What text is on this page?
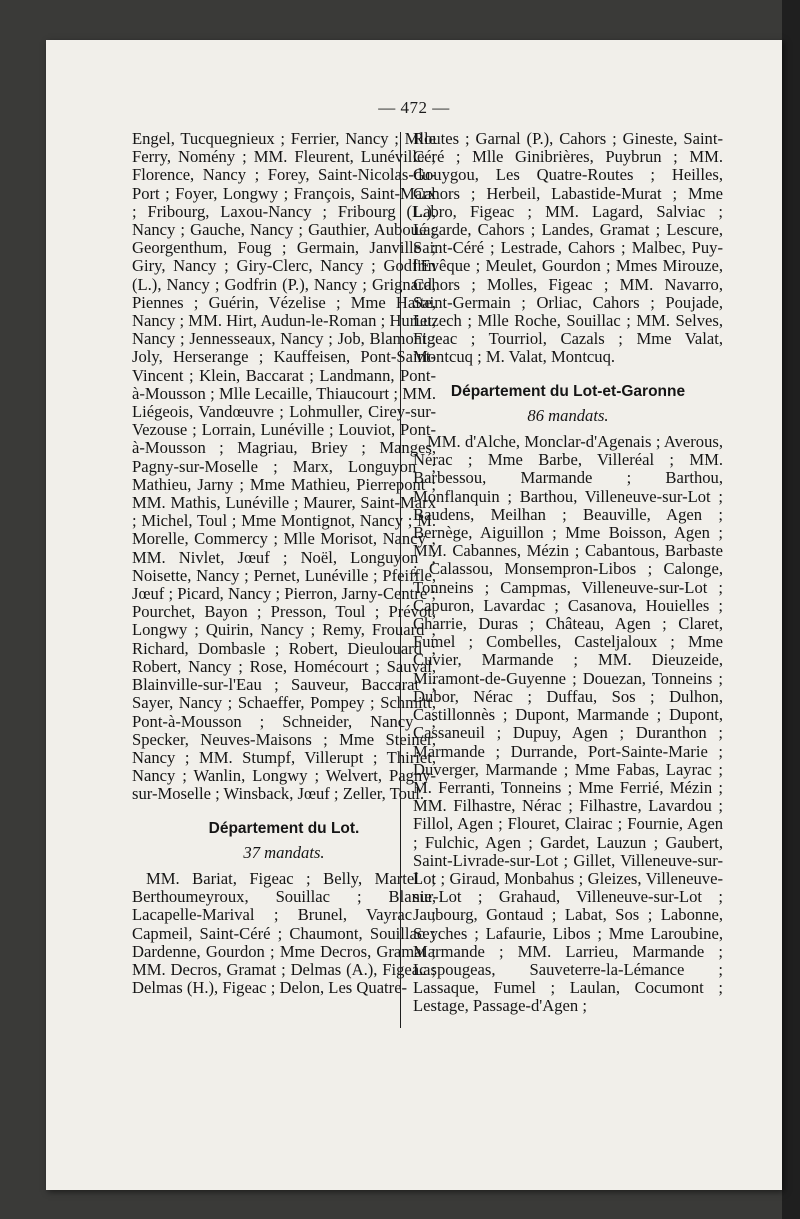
— 472 —

Engel, Tucquegnieux ; Ferrier, Nancy ; Mlle Ferry, Nomény ; MM. Fleurent, Lunéville ; Florence, Nancy ; Forey, Saint-Nicolas-du-Port ; Foyer, Longwy ; François, Saint-Marx ; Fribourg, Laxou-Nancy ; Fribourg (L.), Nancy ; Gauche, Nancy ; Gauthier, Auboué ; Georgenthum, Foug ; Germain, Janville ; Giry, Nancy ; Giry-Clerc, Nancy ; Godfrin (L.), Nancy ; Godfrin (P.), Nancy ; Grignard, Piennes ; Guérin, Vézelise ; Mme Haite, Nancy ; MM. Hirt, Audun-le-Roman ; Huriet, Nancy ; Jennesseaux, Nancy ; Job, Blamont ; Joly, Herserange ; Kauffeisen, Pont-Saint-Vincent ; Klein, Baccarat ; Landmann, Pont-à-Mousson ; Mlle Lecaille, Thiaucourt ; MM. Liégeois, Vandœuvre ; Lohmuller, Cirey-sur-Vezouse ; Lorrain, Lunéville ; Louviot, Pont-à-Mousson ; Magriau, Briey ; Manges, Pagny-sur-Moselle ; Marx, Longuyon ; Mathieu, Jarny ; Mme Mathieu, Pierrepont ; MM. Mathis, Lunéville ; Maurer, Saint-Marx ; Michel, Toul ; Mme Montignot, Nancy ; M. Morelle, Commercy ; Mlle Morisot, Nancy ; MM. Nivlet, Jœuf ; Noël, Longuyon ; Noisette, Nancy ; Pernet, Lunéville ; Pfeiffle, Jœuf ; Picard, Nancy ; Pierron, Jarny-Centre ; Pourchet, Bayon ; Presson, Toul ; Prévot, Longwy ; Quirin, Nancy ; Remy, Frouard ; Richard, Dombasle ; Robert, Dieulouard ; Robert, Nancy ; Rose, Homécourt ; Sauval, Blainville-sur-l'Eau ; Sauveur, Baccarat ; Sayer, Nancy ; Schaeffer, Pompey ; Schmitt, Pont-à-Mousson ; Schneider, Nancy ; Specker, Neuves-Maisons ; Mme Steiner, Nancy ; MM. Stumpf, Villerupt ; Thiriet, Nancy ; Wanlin, Longwy ; Welvert, Pagny-sur-Moselle ; Winsback, Jœuf ; Zeller, Toul.

Département du Lot.
37 mandats.

MM. Bariat, Figeac ; Belly, Martel ; Berthoumeyroux, Souillac ; Blanie, Lacapelle-Marival ; Brunel, Vayrac ; Capmeil, Saint-Céré ; Chaumont, Souillac ; Dardenne, Gourdon ; Mme Decros, Gramat ; MM. Decros, Gramat ; Delmas (A.), Figeac ; Delmas (H.), Figeac ; Delon, Les Quatre-

Routes ; Garnal (P.), Cahors ; Gineste, Saint-Céré ; Mlle Ginibrières, Puybrun ; MM. Gouygou, Les Quatre-Routes ; Heilles, Cahors ; Herbeil, Labastide-Murat ; Mme Labro, Figeac ; MM. Lagard, Salviac ; Lagarde, Cahors ; Landes, Gramat ; Lescure, Saint-Céré ; Lestrade, Cahors ; Malbec, Puy-l'Evêque ; Meulet, Gourdon ; Mmes Mirouze, Cahors ; Molles, Figeac ; MM. Navarro, Saint-Germain ; Orliac, Cahors ; Poujade, Luzech ; Mlle Roche, Souillac ; MM. Selves, Figeac ; Tourriol, Cazals ; Mme Valat, Montcuq ; M. Valat, Montcuq.

Département du Lot-et-Garonne
86 mandats.

MM. d'Alche, Monclar-d'Agenais ; Averous, Nérac ; Mme Barbe, Villeréal ; MM. Barbessou, Marmande ; Barthou, Monflanquin ; Barthou, Villeneuve-sur-Lot ; Baudens, Meilhan ; Beauville, Agen ; Bernège, Aiguillon ; Mme Boisson, Agen ; MM. Cabannes, Mézin ; Cabantous, Barbaste ; Calassou, Monsempron-Libos ; Calonge, Tonneins ; Campmas, Villeneuve-sur-Lot ; Capuron, Lavardac ; Casanova, Houielles ; Charrie, Duras ; Château, Agen ; Claret, Fumel ; Combelles, Casteljaloux ; Mme Cuvier, Marmande ; MM. Dieuzeide, Miramont-de-Guyenne ; Douezan, Tonneins ; Dubor, Nérac ; Duffau, Sos ; Dulhon, Castillonnès ; Dupont, Marmande ; Dupont, Cassaneuil ; Dupuy, Agen ; Duranthon ; Marmande ; Durrande, Port-Sainte-Marie ; Duverger, Marmande ; Mme Fabas, Layrac ; M. Ferranti, Tonneins ; Mme Ferrié, Mézin ; MM. Filhastre, Nérac ; Filhastre, Lavardou ; Fillol, Agen ; Flouret, Clairac ; Fournie, Agen ; Fulchic, Agen ; Gardet, Lauzun ; Gaubert, Saint-Livrade-sur-Lot ; Gillet, Villeneuve-sur-Lot ; Giraud, Monbahus ; Gleizes, Villeneuve-sur-Lot ; Grahaud, Villeneuve-sur-Lot ; Jaubourg, Gontaud ; Labat, Sos ; Labonne, Seyches ; Lafaurie, Libos ; Mme Laroubine, Marmande ; MM. Larrieu, Marmande ; Laspougeas, Sauveterre-la-Lémance ; Lassaque, Fumel ; Laulan, Cocumont ; Lestage, Passage-d'Agen ;
